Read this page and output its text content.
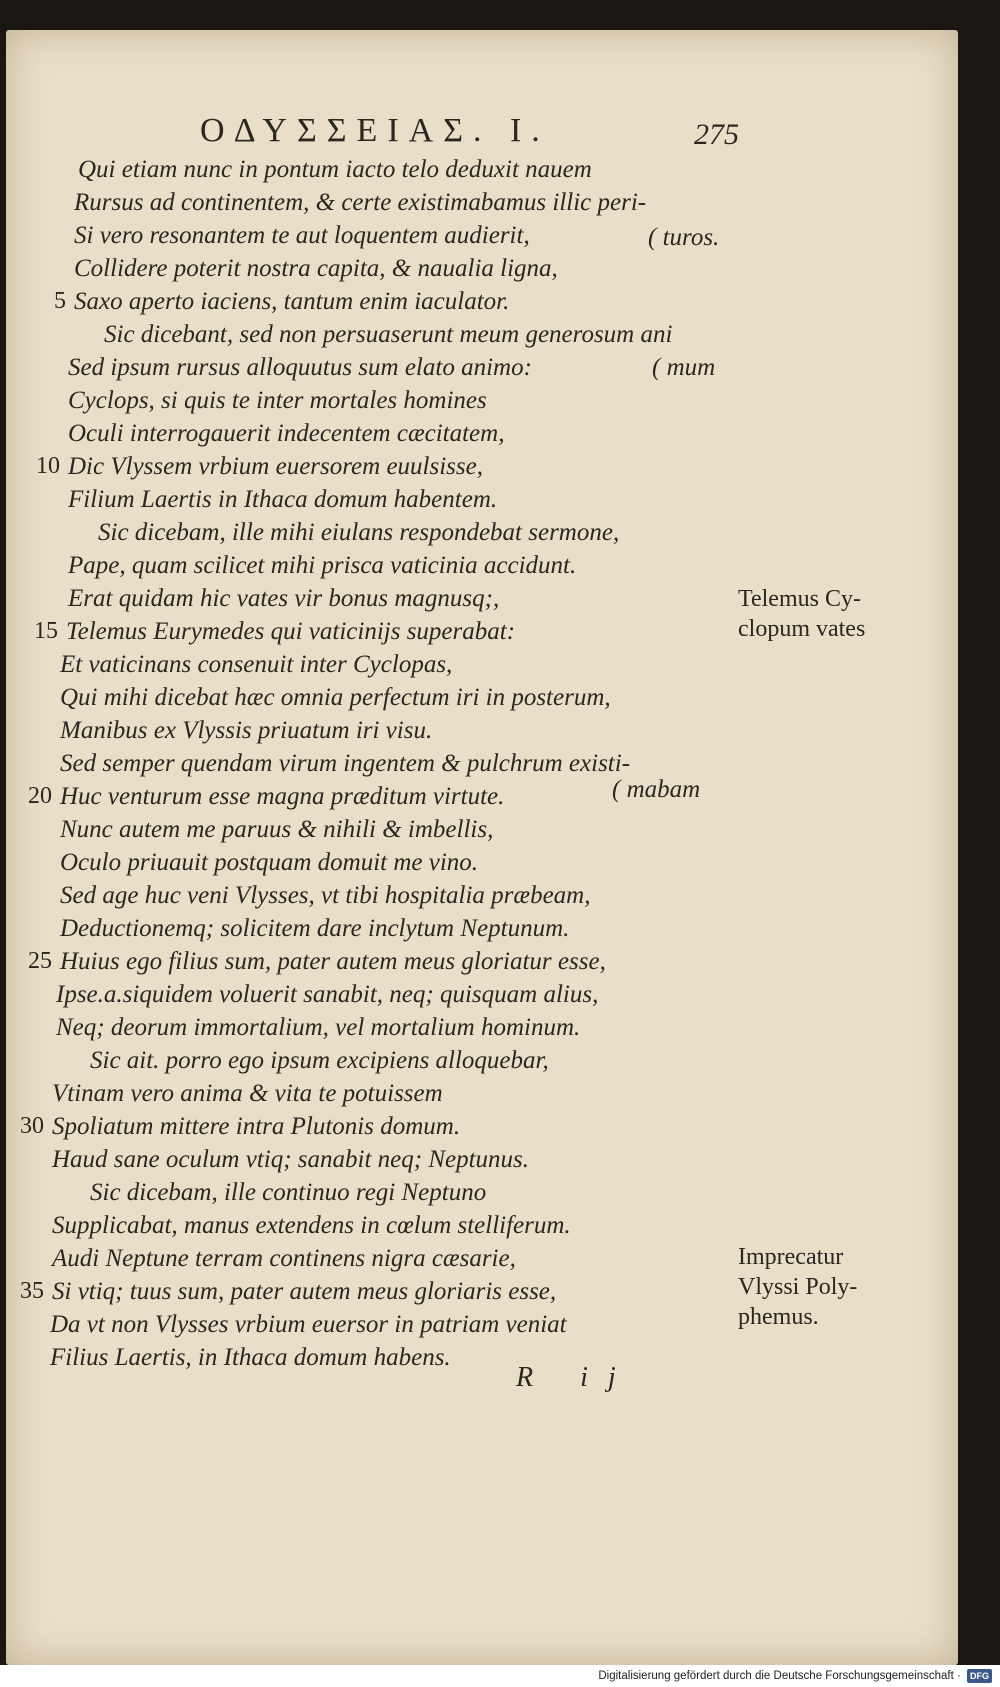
ΟΔΥΣΣΕΙΑΣ. Ι.	275
Qui etiam nunc in pontum iacto telo deduxit nauem
Rursus ad continentem, & certe existimabamus illic peri-
Si vero resonantem te aut loquentem audierit,
Collidere poterit nostra capita, & naualia ligna,
5 Saxo aperto iaciens, tantum enim iaculator.
Sic dicebant, sed non persuaserunt meum generosum ani
Sed ipsum rursus alloquutus sum elato animo:
Cyclops, si quis te inter mortales homines
Oculi interrogauerit indecentem cæcitatem,
10 Dic Vlyssem vrbium euersorem euulsisse,
Filium Laertis in Ithaca domum habentem.
Sic dicebam, ille mihi eiulans respondebat sermone,
Pape, quam scilicet mihi prisca vaticinia accidunt.
Erat quidam hic vates vir bonus magnusq;,
15 Telemus Eurymedes qui vaticinijs superabat:
Et vaticinans consenuit inter Cyclopas,
Qui mihi dicebat hæc omnia perfectum iri in posterum,
Manibus ex Vlyssis priuatum iri visu.
Sed semper quendam virum ingentem & pulchrum existi-
20 Huc venturum esse magna præditum virtute.
Nunc autem me paruus & nihili & imbellis,
Oculo priuauit postquam domuit me vino.
Sed age huc veni Vlysses, vt tibi hospitalia præbeam,
Deductionemq; solicitem dare inclytum Neptunum.
25 Huius ego filius sum, pater autem meus gloriatur esse,
Ipse.a.siquidem voluerit sanabit, neq; quisquam alius,
Neq; deorum immortalium, vel mortalium hominum.
Sic ait. porro ego ipsum excipiens alloquebar,
Vtinam vero anima & vita te potuissem
30 Spoliatum mittere intra Plutonis domum.
Haud sane oculum vtiq; sanabit neq; Neptunus.
Sic dicebam, ille continuo regi Neptuno
Supplicabat, manus extendens in cœlum stelliferum.
Audi Neptune terram continens nigra cæsarie,
35 Si vtiq; tuus sum, pater autem meus gloriaris esse,
Da vt non Vlysses vrbium euersor in patriam veniat
Filius Laertis, in Ithaca domum habens.
( turos.
( mum
( mabam
Telemus Cy-
clopum vates
Imprecatur
Vlyssi Poly-
phemus.
R ij
Digitalisierung gefördert durch die Deutsche Forschungsgemeinschaft · DFG
